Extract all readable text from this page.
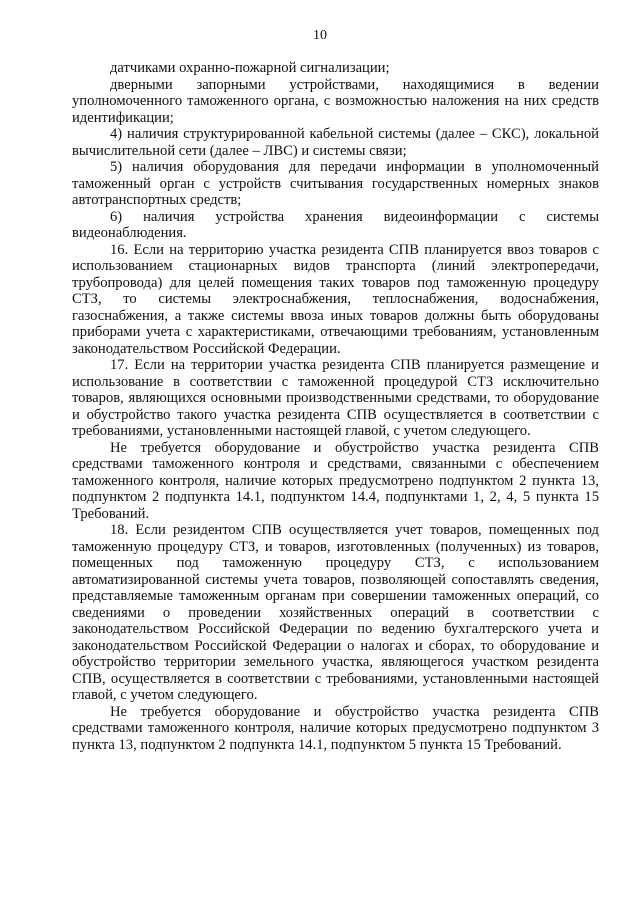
10

датчиками охранно-пожарной сигнализации;

дверными запорными устройствами, находящимися в ведении уполномоченного таможенного органа, с возможностью наложения на них средств идентификации;

4) наличия структурированной кабельной системы (далее – СКС), локальной вычислительной сети (далее – ЛВС) и системы связи;

5) наличия оборудования для передачи информации в уполномоченный таможенный орган с устройств считывания государственных номерных знаков автотранспортных средств;

6) наличия устройства хранения видеоинформации с системы видеонаблюдения.

16. Если на территорию участка резидента СПВ планируется ввоз товаров с использованием стационарных видов транспорта (линий электропередачи, трубопровода) для целей помещения таких товаров под таможенную процедуру СТЗ, то системы электроснабжения, теплоснабжения, водоснабжения, газоснабжения, а также системы ввоза иных товаров должны быть оборудованы приборами учета с характеристиками, отвечающими требованиям, установленным законодательством Российской Федерации.

17. Если на территории участка резидента СПВ планируется размещение и использование в соответствии с таможенной процедурой СТЗ исключительно товаров, являющихся основными производственными средствами, то оборудование и обустройство такого участка резидента СПВ осуществляется в соответствии с требованиями, установленными настоящей главой, с учетом следующего.

Не требуется оборудование и обустройство участка резидента СПВ средствами таможенного контроля и средствами, связанными с обеспечением таможенного контроля, наличие которых предусмотрено подпунктом 2 пункта 13, подпунктом 2 подпункта 14.1, подпунктом 14.4, подпунктами 1, 2, 4, 5 пункта 15 Требований.

18. Если резидентом СПВ осуществляется учет товаров, помещенных под таможенную процедуру СТЗ, и товаров, изготовленных (полученных) из товаров, помещенных под таможенную процедуру СТЗ, с использованием автоматизированной системы учета товаров, позволяющей сопоставлять сведения, представляемые таможенным органам при совершении таможенных операций, со сведениями о проведении хозяйственных операций в соответствии с законодательством Российской Федерации по ведению бухгалтерского учета и законодательством Российской Федерации о налогах и сборах, то оборудование и обустройство территории земельного участка, являющегося участком резидента СПВ, осуществляется в соответствии с требованиями, установленными настоящей главой, с учетом следующего.

Не требуется оборудование и обустройство участка резидента СПВ средствами таможенного контроля, наличие которых предусмотрено подпунктом 3 пункта 13, подпунктом 2 подпункта 14.1, подпунктом 5 пункта 15 Требований.
